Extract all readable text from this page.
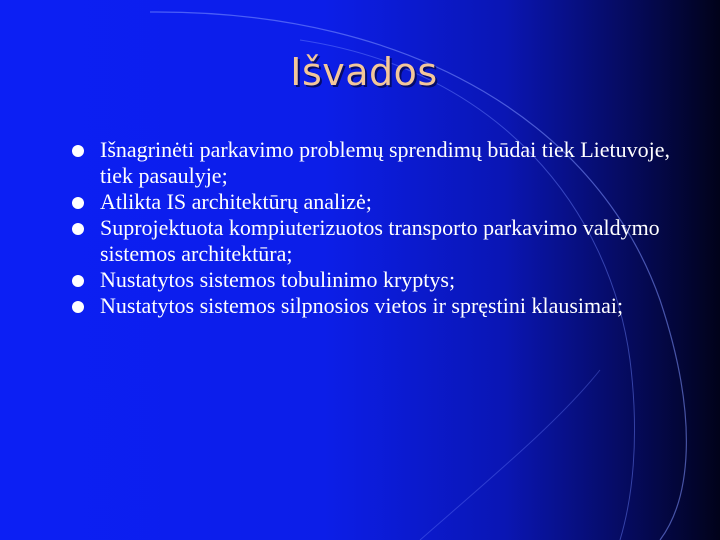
Išvados
Išnagrinėti parkavimo problemų sprendimų būdai tiek Lietuvoje, tiek pasaulyje;
Atlikta IS architektūrų analizė;
Suprojektuota kompiuterizuotos transporto parkavimo valdymo sistemos architektūra;
Nustatytos sistemos tobulinimo kryptys;
Nustatytos sistemos silpnosios vietos ir spręstini klausimai;
